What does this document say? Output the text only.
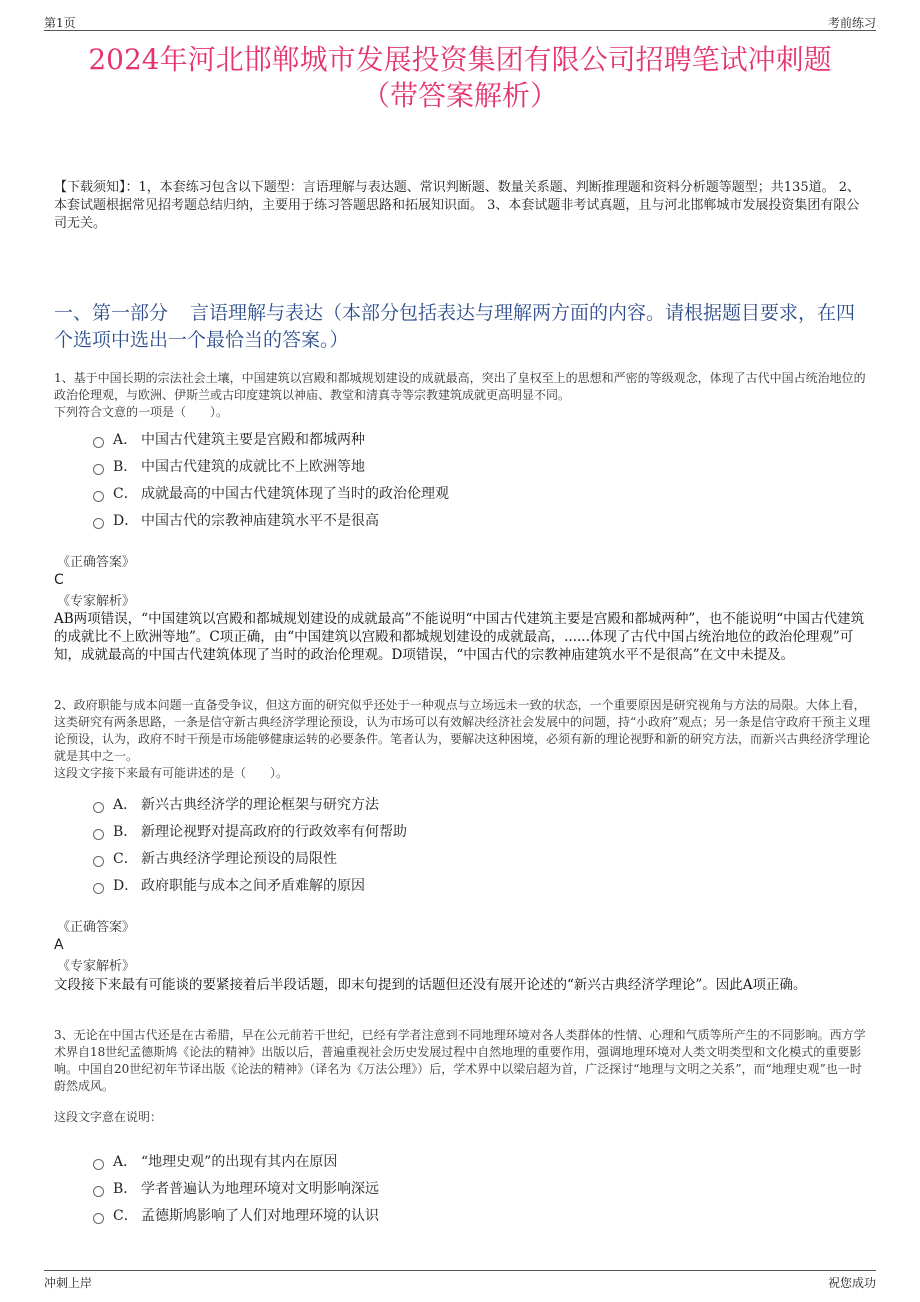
第1页	考前练习
2024年河北邯郸城市发展投资集团有限公司招聘笔试冲刺题
（带答案解析）
【下载须知】：1，本套练习包含以下题型：言语理解与表达题、常识判断题、数量关系题、判断推理题和资料分析题等题型；共135道。 2、本套试题根据常见招考题总结归纳，主要用于练习答题思路和拓展知识面。 3、本套试题非考试真题，且与河北邯郸城市发展投资集团有限公司无关。
一、第一部分 言语理解与表达（本部分包括表达与理解两方面的内容。请根据题目要求，在四个选项中选出一个最恰当的答案。）
1、基于中国长期的宗法社会土壤，中国建筑以宫殿和都城规划建设的成就最高，突出了皇权至上的思想和严密的等级观念，体现了古代中国占统治地位的政治伦理观，与欧洲、伊斯兰或古印度建筑以神庙、教堂和清真寺等宗教建筑成就更高明显不同。
下列符合文意的一项是（　　）。
A． 中国古代建筑主要是宫殿和都城两种
B． 中国古代建筑的成就比不上欧洲等地
C． 成就最高的中国古代建筑体现了当时的政治伦理观
D． 中国古代的宗教神庙建筑水平不是很高
《正确答案》
C
《专家解析》
AB两项错误，“中国建筑以宫殿和都城规划建设的成就最高”不能说明“中国古代建筑主要是宫殿和都城两种”，也不能说明“中国古代建筑的成就比不上欧洲等地”。C项正确，由“中国建筑以宫殿和都城规划建设的成就最高，......体现了古代中国占统治地位的政治伦理观”可知，成就最高的中国古代建筑体现了当时的政治伦理观。D项错误，“中国古代的宗教神庙建筑水平不是很高”在文中未提及。
2、政府职能与成本问题一直备受争议，但这方面的研究似乎还处于一种观点与立场远未一致的状态，一个重要原因是研究视角与方法的局限。大体上看，这类研究有两条思路，一条是信守新古典经济学理论预设，认为市场可以有效解决经济社会发展中的问题，持“小政府”观点；另一条是信守政府干预主义理论预设，认为，政府不时干预是市场能够健康运转的必要条件。笔者认为，要解决这种困境，必须有新的理论视野和新的研究方法，而新兴古典经济学理论就是其中之一。
这段文字接下来最有可能讲述的是（　　）。
A． 新兴古典经济学的理论框架与研究方法
B． 新理论视野对提高政府的行政效率有何帮助
C． 新古典经济学理论预设的局限性
D． 政府职能与成本之间矛盾难解的原因
《正确答案》
A
《专家解析》
文段接下来最有可能谈的要紧接着后半段话题，即末句提到的话题但还没有展开论述的“新兴古典经济学理论”。因此A项正确。
3、无论在中国古代还是在古希腊，早在公元前若干世纪，已经有学者注意到不同地理环境对各人类群体的性情、心理和气质等所产生的不同影响。西方学术界自18世纪孟德斯鸠《论法的精神》出版以后，普遍重视社会历史发展过程中自然地理的重要作用，强调地理环境对人类文明类型和文化模式的重要影响。中国自20世纪初年节译出版《论法的精神》（译名为《万法公理》）后，学术界中以梁启超为首，广泛探讨“地理与文明之关系”，而“地理史观”也一时蔚然成风。
这段文字意在说明：
A． “地理史观”的出现有其内在原因
B． 学者普遍认为地理环境对文明影响深远
C． 孟德斯鸠影响了人们对地理环境的认识
冲刺上岸	祝您成功
